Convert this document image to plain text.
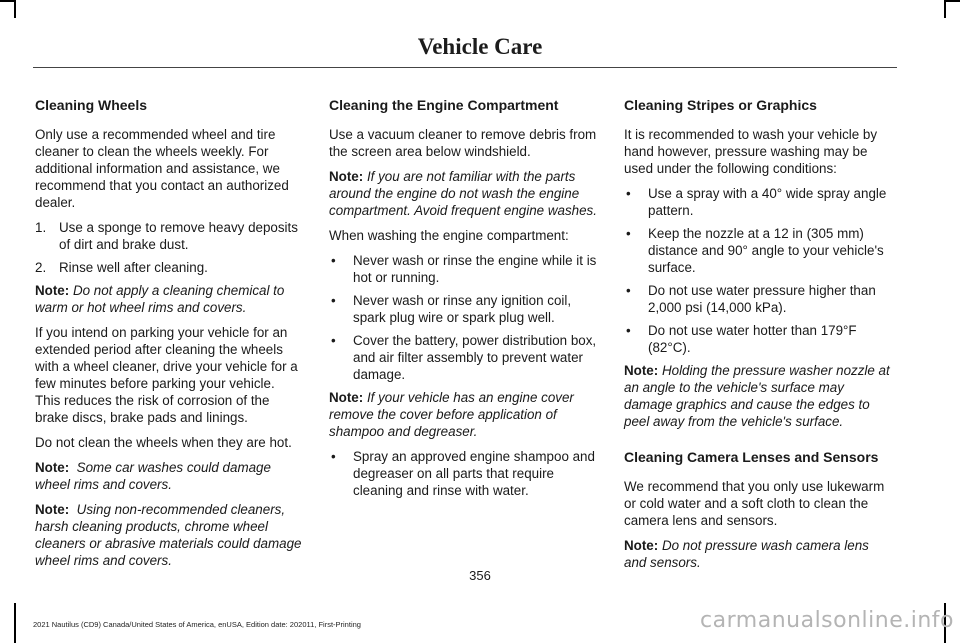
Vehicle Care
Cleaning Wheels

Only use a recommended wheel and tire cleaner to clean the wheels weekly. For additional information and assistance, we recommend that you contact an authorized dealer.

1. Use a sponge to remove heavy deposits of dirt and brake dust.
2. Rinse well after cleaning.

Note: Do not apply a cleaning chemical to warm or hot wheel rims and covers.

If you intend on parking your vehicle for an extended period after cleaning the wheels with a wheel cleaner, drive your vehicle for a few minutes before parking your vehicle. This reduces the risk of corrosion of the brake discs, brake pads and linings.

Do not clean the wheels when they are hot.

Note: Some car washes could damage wheel rims and covers.

Note: Using non-recommended cleaners, harsh cleaning products, chrome wheel cleaners or abrasive materials could damage wheel rims and covers.

Cleaning the Engine Compartment

Use a vacuum cleaner to remove debris from the screen area below windshield.

Note: If you are not familiar with the parts around the engine do not wash the engine compartment. Avoid frequent engine washes.

When washing the engine compartment:

• Never wash or rinse the engine while it is hot or running.
• Never wash or rinse any ignition coil, spark plug wire or spark plug well.
• Cover the battery, power distribution box, and air filter assembly to prevent water damage.

Note: If your vehicle has an engine cover remove the cover before application of shampoo and degreaser.

• Spray an approved engine shampoo and degreaser on all parts that require cleaning and rinse with water.
Cleaning Stripes or Graphics

It is recommended to wash your vehicle by hand however, pressure washing may be used under the following conditions:

• Use a spray with a 40° wide spray angle pattern.
• Keep the nozzle at a 12 in (305 mm) distance and 90° angle to your vehicle's surface.
• Do not use water pressure higher than 2,000 psi (14,000 kPa).
• Do not use water hotter than 179°F (82°C).

Note: Holding the pressure washer nozzle at an angle to the vehicle's surface may damage graphics and cause the edges to peel away from the vehicle's surface.

Cleaning Camera Lenses and Sensors

We recommend that you only use lukewarm or cold water and a soft cloth to clean the camera lens and sensors.

Note: Do not pressure wash camera lens and sensors.

356
2021 Nautilus (CD9) Canada/United States of America, enUSA, Edition date: 202011, First-Printing	carmanualsonline.info
